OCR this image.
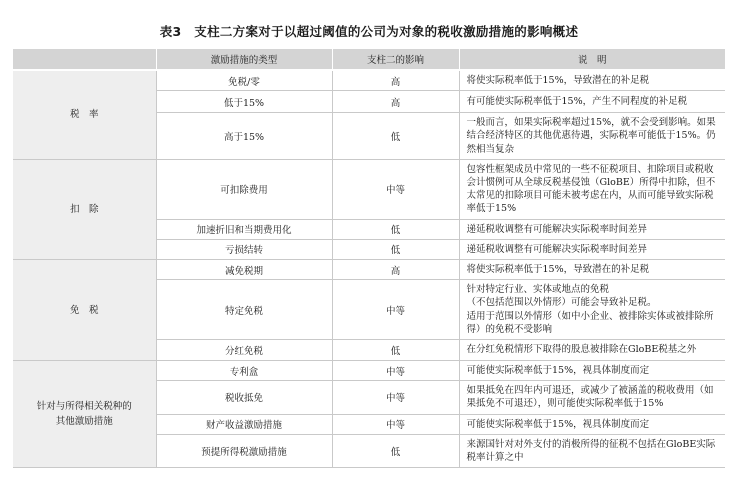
表3　支柱二方案对于以超过阈值的公司为对象的税收激励措施的影响概述
	激励措施的类型	支柱二的影响	说　明
税　率	免税/零	高	将使实际税率低于15%，导致潜在的补足税
	低于15%	高	有可能使实际税率低于15%，产生不同程度的补足税
	高于15%	低	一般而言，如果实际税率超过15%，就不会受到影响。如果结合经济特区的其他优惠待遇，实际税率可能低于15%。仍然相当复杂
扣　除	可扣除费用	中等	包容性框架成员中常见的一些不征税项目、扣除项目或税收会计惯例可从全球反税基侵蚀（GloBE）所得中扣除，但不太常见的扣除项目可能未被考虑在内，从而可能导致实际税率低于15%
	加速折旧和当期费用化	低	递延税收调整有可能解决实际税率时间差异
	亏损结转	低	递延税收调整有可能解决实际税率时间差异
免　税	减免税期	高	将使实际税率低于15%，导致潜在的补足税
	特定免税	中等	针对特定行业、实体或地点的免税
（不包括范围以外情形）可能会导致补足税。
适用于范围以外情形（如中小企业、被排除实体或被排除所得）的免税不受影响
	分红免税	低	在分红免税情形下取得的股息被排除在GloBE税基之外
针对与所得相关税种的
其他激励措施	专利盒	中等	可能使实际税率低于15%，视具体制度而定
	税收抵免	中等	如果抵免在四年内可退还，或减少了被涵盖的税收费用（如果抵免不可退还），则可能使实际税率低于15%
	财产收益激励措施	中等	可能使实际税率低于15%，视具体制度而定
	预提所得税激励措施	低	来源国针对对外支付的消极所得的征税不包括在GloBE实际税率计算之中
